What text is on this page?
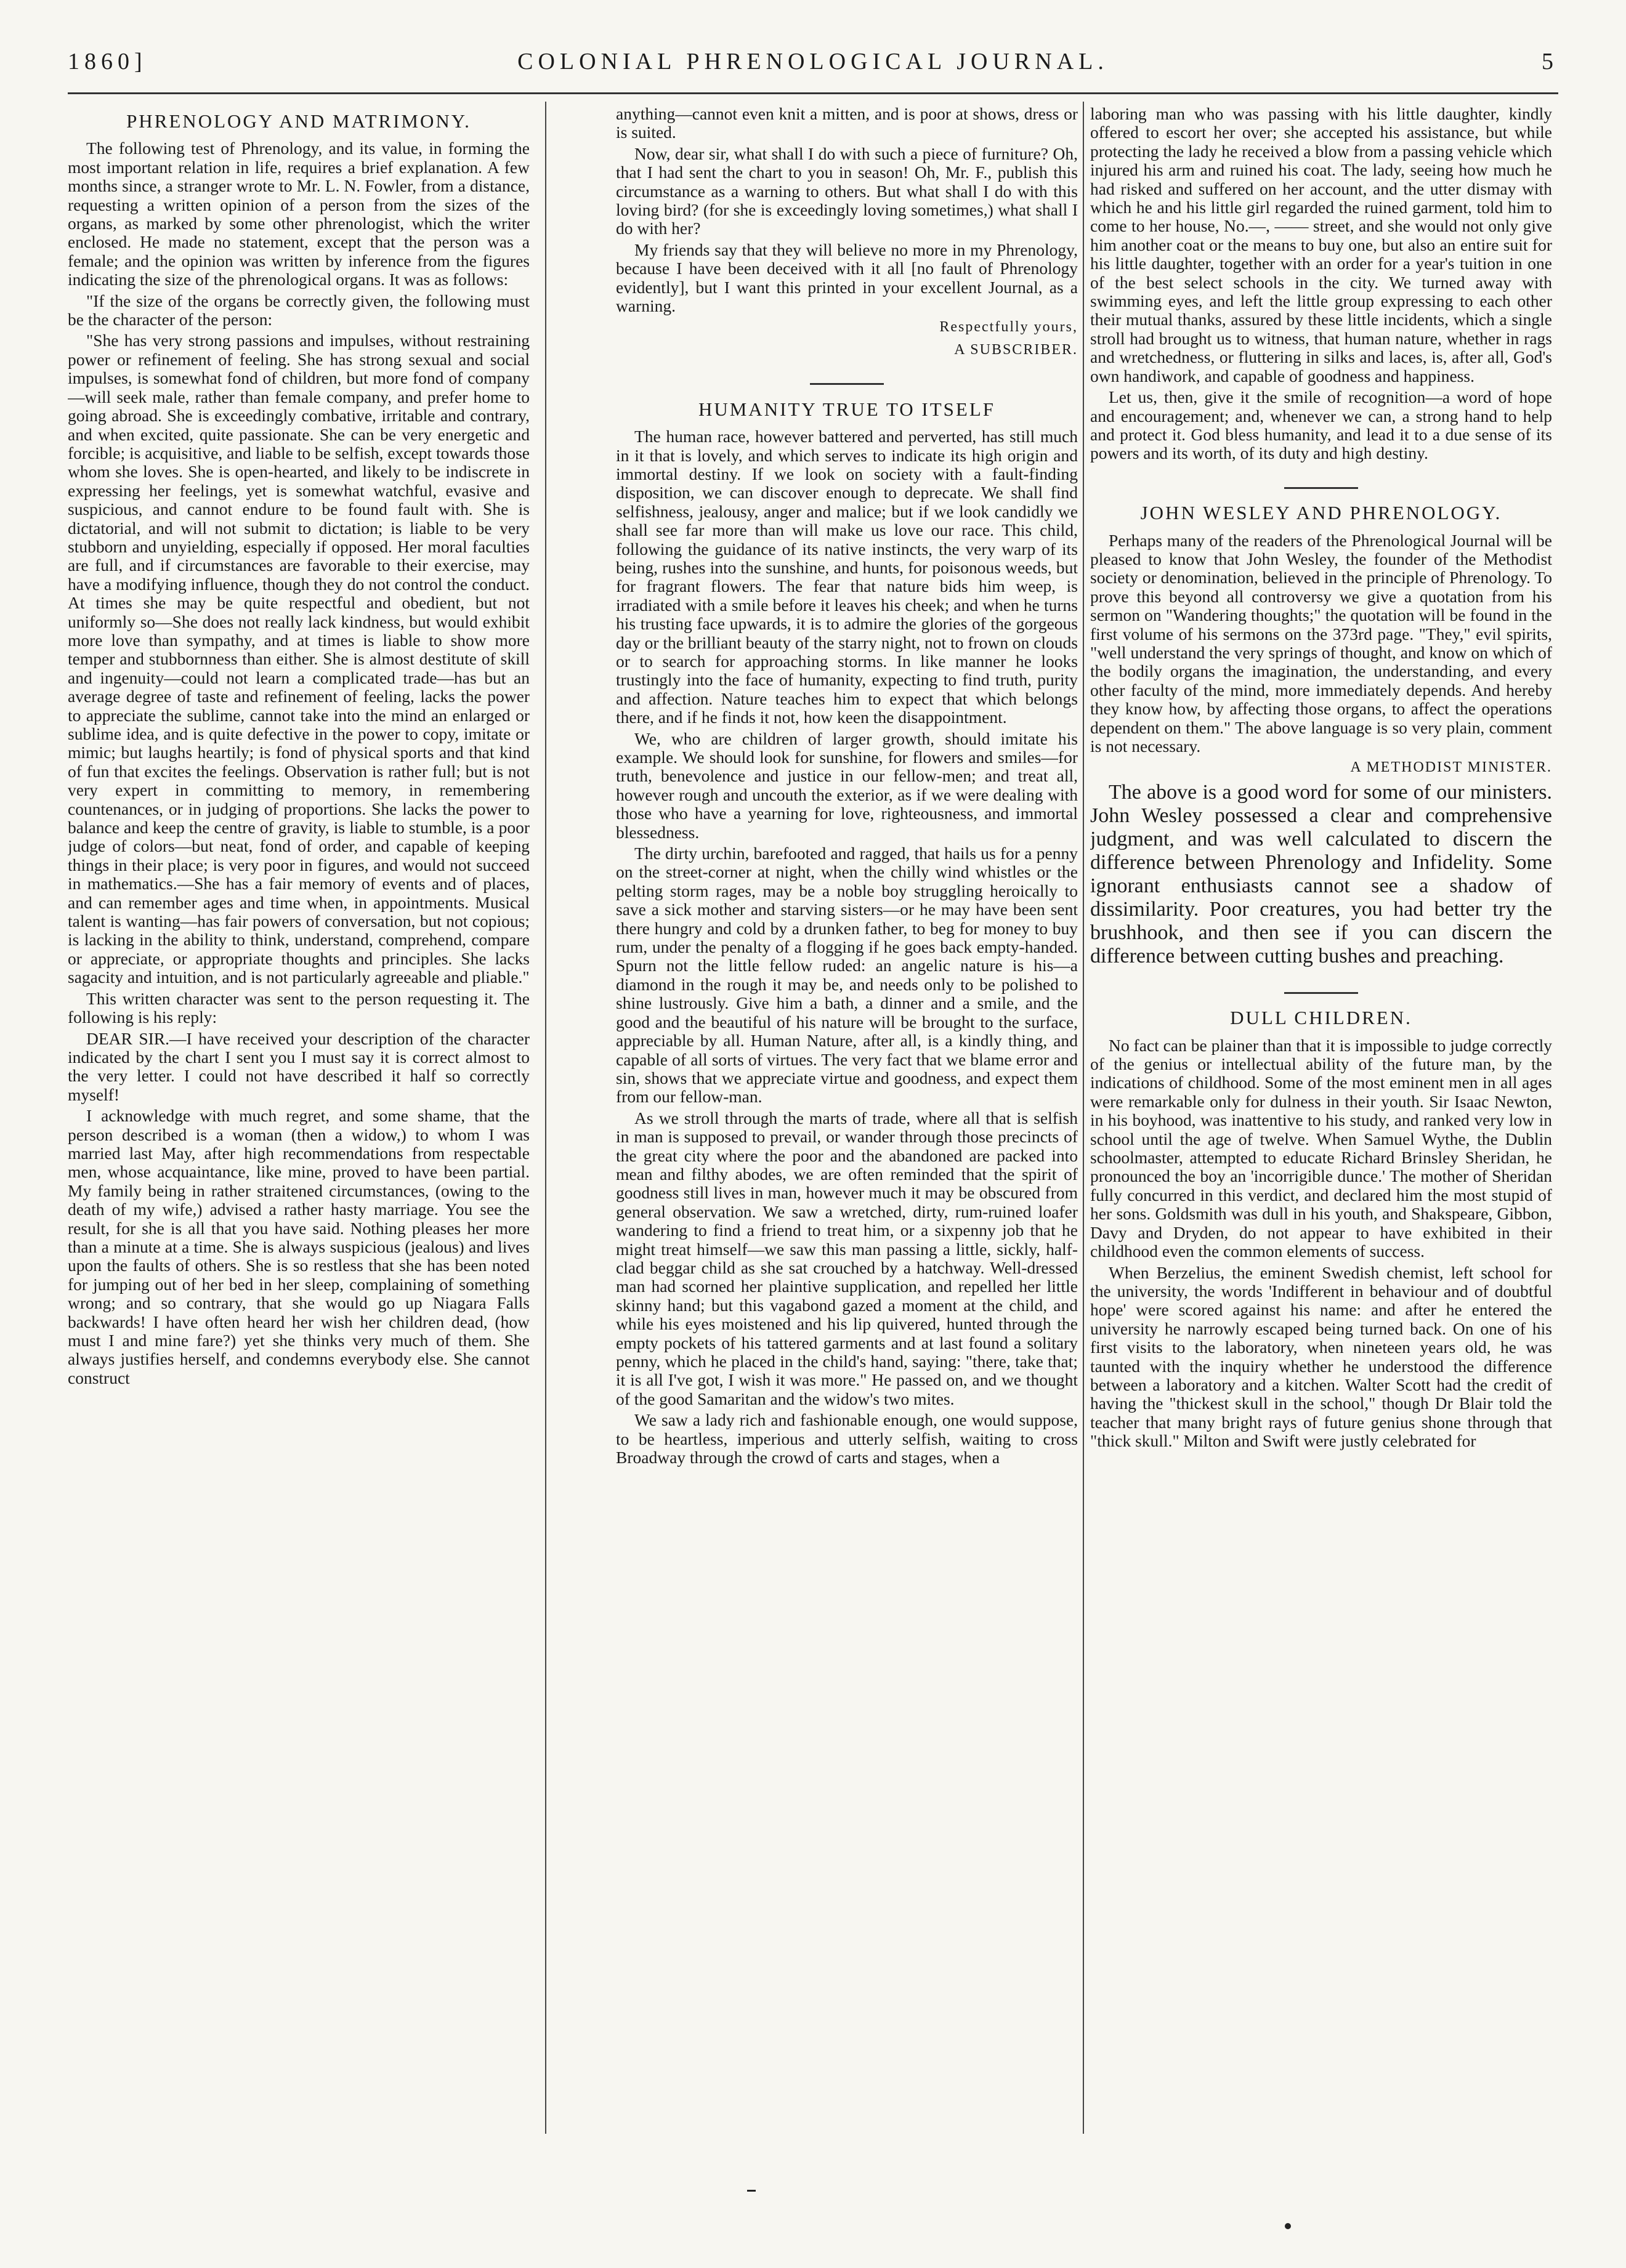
1860]	COLONIAL PHRENOLOGICAL JOURNAL.	5
PHRENOLOGY AND MATRIMONY.

The following test of Phrenology, and its value, in forming the most important relation in life, requires a brief explanation. A few months since, a stranger wrote to Mr. L. N. Fowler, from a distance, requesting a written opinion of a person from the sizes of the organs, as marked by some other phrenologist, which the writer enclosed. He made no statement, except that the person was a female; and the opinion was written by inference from the figures indicating the size of the phrenological organs. It was as follows:

"If the size of the organs be correctly given, the following must be the character of the person:

"She has very strong passions and impulses, without restraining power or refinement of feeling. She has strong sexual and social impulses, is somewhat fond of children, but more fond of company—will seek male, rather than female company, and prefer home to going abroad. She is exceedingly combative, irritable and contrary, and when excited, quite passionate. She can be very energetic and forcible; is acquisitive, and liable to be selfish, except towards those whom she loves. She is open-hearted, and likely to be indiscrete in expressing her feelings, yet is somewhat watchful, evasive and suspicious, and cannot endure to be found fault with. She is dictatorial, and will not submit to dictation; is liable to be very stubborn and unyielding, especially if opposed. Her moral faculties are full, and if circumstances are favorable to their exercise, may have a modifying influence, though they do not control the conduct. At times she may be quite respectful and obedient, but not uniformly so—She does not really lack kindness, but would exhibit more love than sympathy, and at times is liable to show more temper and stubbornness than either. She is almost destitute of skill and ingenuity—could not learn a complicated trade—has but an average degree of taste and refinement of feeling, lacks the power to appreciate the sublime, cannot take into the mind an enlarged or sublime idea, and is quite defective in the power to copy, imitate or mimic; but laughs heartily; is fond of physical sports and that kind of fun that excites the feelings. Observation is rather full; but is not very expert in committing to memory, in remembering countenances, or in judging of proportions. She lacks the power to balance and keep the centre of gravity, is liable to stumble, is a poor judge of colors—but neat, fond of order, and capable of keeping things in their place; is very poor in figures, and would not succeed in mathematics.—She has a fair memory of events and of places, and can remember ages and time when, in appointments. Musical talent is wanting—has fair powers of conversation, but not copious; is lacking in the ability to think, understand, comprehend, compare or appreciate, or appropriate thoughts and principles. She lacks sagacity and intuition, and is not particularly agreeable and pliable."

This written character was sent to the person requesting it. The following is his reply:

DEAR SIR.—I have received your description of the character indicated by the chart I sent you I must say it is correct almost to the very letter. I could not have described it half so correctly myself!

I acknowledge with much regret, and some shame, that the person described is a woman (then a widow,) to whom I was married last May, after high recommendations from respectable men, whose acquaintance, like mine, proved to have been partial. My family being in rather straitened circumstances, (owing to the death of my wife,) advised a rather hasty marriage. You see the result, for she is all that you have said. Nothing pleases her more than a minute at a time. She is always suspicious (jealous) and lives upon the faults of others. She is so restless that she has been noted for jumping out of her bed in her sleep, complaining of something wrong; and so contrary, that she would go up Niagara Falls backwards! I have often heard her wish her children dead, (how must I and mine fare?) yet she thinks very much of them. She always justifies herself, and condemns everybody else. She cannot construct

anything—cannot even knit a mitten, and is poor at shows, dress or is suited.

Now, dear sir, what shall I do with such a piece of furniture? Oh, that I had sent the chart to you in season! Oh, Mr. F., publish this circumstance as a warning to others. But what shall I do with this loving bird? (for she is exceedingly loving sometimes,) what shall I do with her?

My friends say that they will believe no more in my Phrenology, because I have been deceived with it all [no fault of Phrenology evidently], but I want this printed in your excellent Journal, as a warning.

Respectfully yours,
A SUBSCRIBER.
HUMANITY TRUE TO ITSELF

The human race, however battered and perverted, has still much in it that is lovely, and which serves to indicate its high origin and immortal destiny. If we look on society with a fault-finding disposition, we can discover enough to deprecate. We shall find selfishness, jealousy, anger and malice; but if we look candidly we shall see far more than will make us love our race. This child, following the guidance of its native instincts, the very warp of its being, rushes into the sunshine, and hunts, for poisonous weeds, but for fragrant flowers. The fear that nature bids him weep, is irradiated with a smile before it leaves his cheek; and when he turns his trusting face upwards, it is to admire the glories of the gorgeous day or the brilliant beauty of the starry night, not to frown on clouds or to search for approaching storms. In like manner he looks trustingly into the face of humanity, expecting to find truth, purity and affection. Nature teaches him to expect that which belongs there, and if he finds it not, how keen the disappointment.

We, who are children of larger growth, should imitate his example. We should look for sunshine, for flowers and smiles—for truth, benevolence and justice in our fellow-men; and treat all, however rough and uncouth the exterior, as if we were dealing with those who have a yearning for love, righteousness, and immortal blessedness.

The dirty urchin, barefooted and ragged, that hails us for a penny on the street-corner at night, when the chilly wind whistles or the pelting storm rages, may be a noble boy struggling heroically to save a sick mother and starving sisters—or he may have been sent there hungry and cold by a drunken father, to beg for money to buy rum, under the penalty of a flogging if he goes back empty-handed. Spurn not the little fellow ruded: an angelic nature is his—a diamond in the rough it may be, and needs only to be polished to shine lustrously. Give him a bath, a dinner and a smile, and the good and the beautiful of his nature will be brought to the surface, appreciable by all. Human Nature, after all, is a kindly thing, and capable of all sorts of virtues. The very fact that we blame error and sin, shows that we appreciate virtue and goodness, and expect them from our fellow-man.

As we stroll through the marts of trade, where all that is selfish in man is supposed to prevail, or wander through those precincts of the great city where the poor and the abandoned are packed into mean and filthy abodes, we are often reminded that the spirit of goodness still lives in man, however much it may be obscured from general observation. We saw a wretched, dirty, rum-ruined loafer wandering to find a friend to treat him, or a sixpenny job that he might treat himself—we saw this man passing a little, sickly, half-clad beggar child as she sat crouched by a hatchway. Well-dressed man had scorned her plaintive supplication, and repelled her little skinny hand; but this vagabond gazed a moment at the child, and while his eyes moistened and his lip quivered, hunted through the empty pockets of his tattered garments and at last found a solitary penny, which he placed in the child's hand, saying: "there, take that; it is all I've got, I wish it was more." He passed on, and we thought of the good Samaritan and the widow's two mites.

We saw a lady rich and fashionable enough, one would suppose, to be heartless, imperious and utterly selfish, waiting to cross Broadway through the crowd of carts and stages, when a

laboring man who was passing with his little daughter, kindly offered to escort her over; she accepted his assistance, but while protecting the lady he received a blow from a passing vehicle which injured his arm and ruined his coat. The lady, seeing how much he had risked and suffered on her account, and the utter dismay with which he and his little girl regarded the ruined garment, told him to come to her house, No.—, —— street, and she would not only give him another coat or the means to buy one, but also an entire suit for his little daughter, together with an order for a year's tuition in one of the best select schools in the city. We turned away with swimming eyes, and left the little group expressing to each other their mutual thanks, assured by these little incidents, which a single stroll had brought us to witness, that human nature, whether in rags and wretchedness, or fluttering in silks and laces, is, after all, God's own handiwork, and capable of goodness and happiness.

Let us, then, give it the smile of recognition—a word of hope and encouragement; and, whenever we can, a strong hand to help and protect it. God bless humanity, and lead it to a due sense of its powers and its worth, of its duty and high destiny.

JOHN WESLEY AND PHRENOLOGY.

Perhaps many of the readers of the Phrenological Journal will be pleased to know that John Wesley, the founder of the Methodist society or denomination, believed in the principle of Phrenology. To prove this beyond all controversy we give a quotation from his sermon on "Wandering thoughts;" the quotation will be found in the first volume of his sermons on the 373rd page. "They," evil spirits, "well understand the very springs of thought, and know on which of the bodily organs the imagination, the understanding, and every other faculty of the mind, more immediately depends. And hereby they know how, by affecting those organs, to affect the operations dependent on them." The above language is so very plain, comment is not necessary.

A METHODIST MINISTER.

The above is a good word for some of our ministers. John Wesley possessed a clear and comprehensive judgment, and was well calculated to discern the difference between Phrenology and Infidelity. Some ignorant enthusiasts cannot see a shadow of dissimilarity. Poor creatures, you had better try the brushhook, and then see if you can discern the difference between cutting bushes and preaching.

DULL CHILDREN.

No fact can be plainer than that it is impossible to judge correctly of the genius or intellectual ability of the future man, by the indications of childhood. Some of the most eminent men in all ages were remarkable only for dulness in their youth. Sir Isaac Newton, in his boyhood, was inattentive to his study, and ranked very low in school until the age of twelve. When Samuel Wythe, the Dublin schoolmaster, attempted to educate Richard Brinsley Sheridan, he pronounced the boy an 'incorrigible dunce.' The mother of Sheridan fully concurred in this verdict, and declared him the most stupid of her sons. Goldsmith was dull in his youth, and Shakspeare, Gibbon, Davy and Dryden, do not appear to have exhibited in their childhood even the common elements of success.

When Berzelius, the eminent Swedish chemist, left school for the university, the words 'Indifferent in behaviour and of doubtful hope' were scored against his name: and after he entered the university he narrowly escaped being turned back. On one of his first visits to the laboratory, when nineteen years old, he was taunted with the inquiry whether he understood the difference between a laboratory and a kitchen. Walter Scott had the credit of having the "thickest skull in the school," though Dr Blair told the teacher that many bright rays of future genius shone through that "thick skull." Milton and Swift were justly celebrated for
